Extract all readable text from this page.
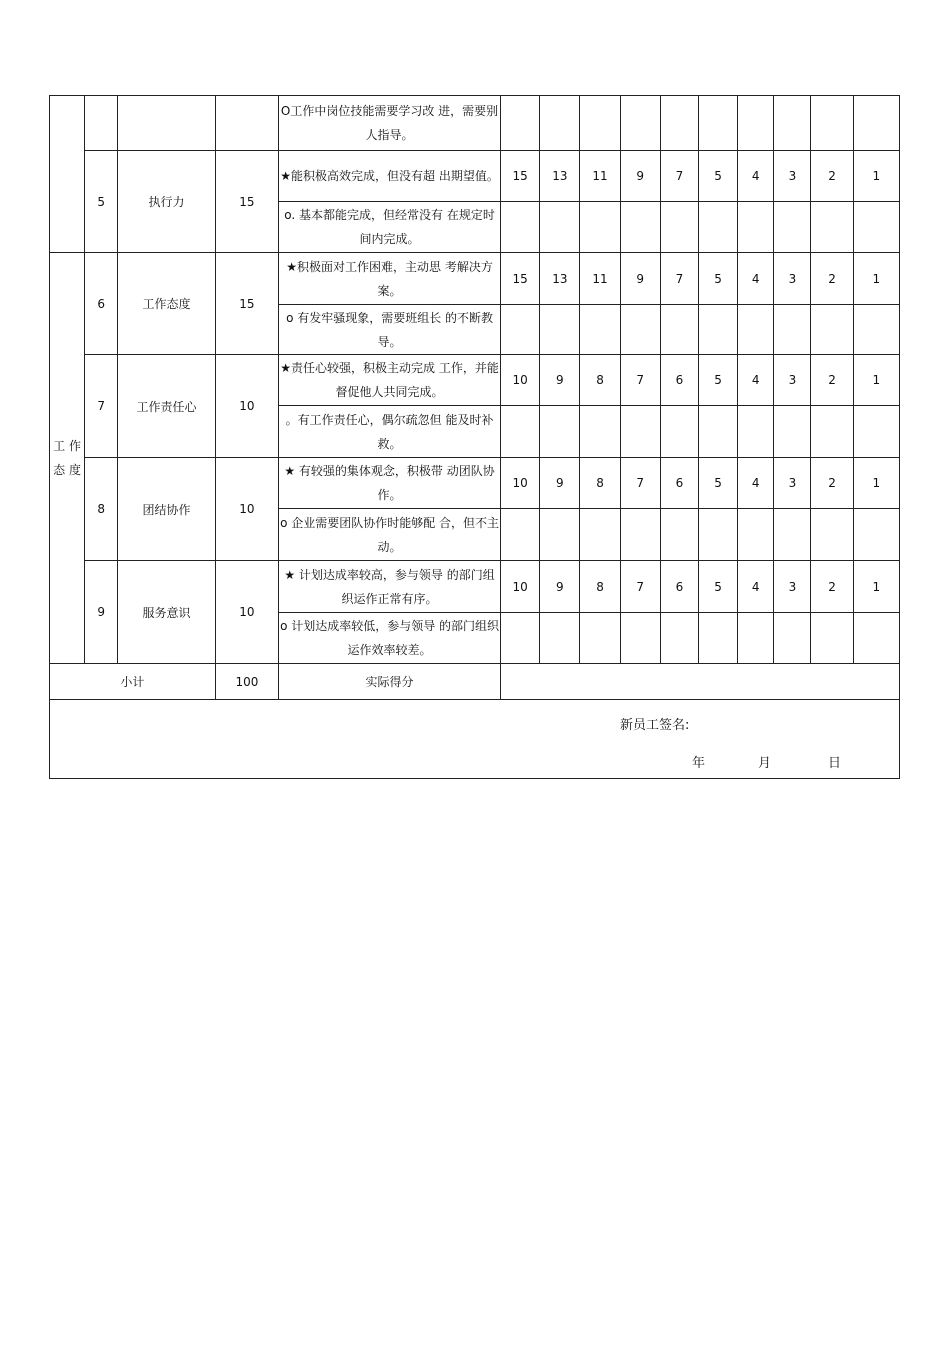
				O工作中岗位技能需要学习改 进，需要别人指导。										
	5	执行力	15	★能积极高效完成，但没有超 出期望值。	15	13	11	9	7	5	4	3	2	1
				o. 基本都能完成，但经常没有 在规定时间内完成。										
工 作 态 度	6	工作态度	15	★积极面对工作困难，主动思 考解决方案。	15	13	11	9	7	5	4	3	2	1
				o 有发牢骚现象，需要班组长 的不断教导。										
	7	工作责任心	10	★责任心较强，积极主动完成 工作，并能督促他人共同完成。	10	9	8	7	6	5	4	3	2	1
				。有工作责任心，偶尔疏忽但 能及时补救。										
	8	团结协作	10	★ 有较强的集体观念，积极带 动团队协作。	10	9	8	7	6	5	4	3	2	1
				o 企业需要团队协作时能够配 合，但不主动。										
	9	服务意识	10	★ 计划达成率较高，参与领导 的部门组织运作正常有序。	10	9	8	7	6	5	4	3	2	1
				o 计划达成率较低，参与领导 的部门组织运作效率较差。										
小计			100	实际得分										

新员工签名:
年 月 日														
